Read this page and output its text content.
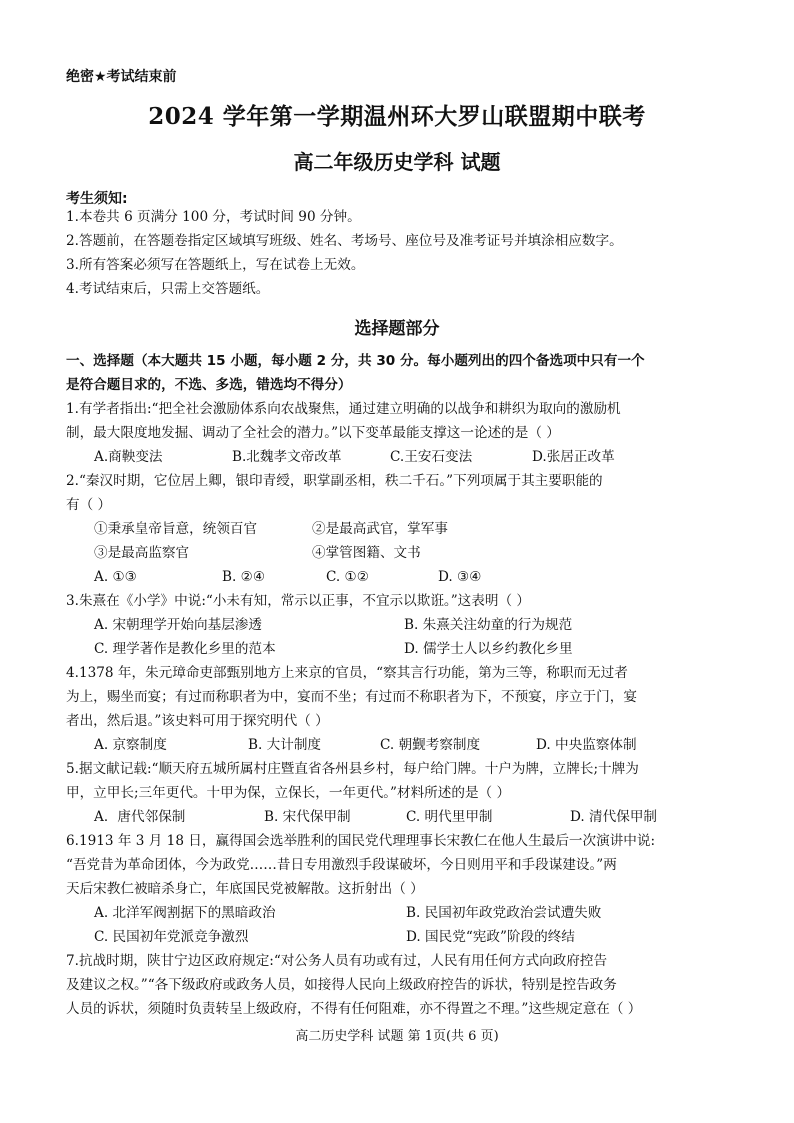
绝密★考试结束前
2024 学年第一学期温州环大罗山联盟期中联考
高二年级历史学科 试题
考生须知:
1.本卷共 6 页满分 100 分，考试时间 90 分钟。
2.答题前，在答题卷指定区域填写班级、姓名、考场号、座位号及准考证号并填涂相应数字。
3.所有答案必须写在答题纸上，写在试卷上无效。
4.考试结束后，只需上交答题纸。
选择题部分
一、选择题（本大题共 15 小题，每小题 2 分，共 30 分。每小题列出的四个备选项中只有一个
是符合题目求的，不选、多选，错选均不得分）
1.有学者指出:“把全社会激励体系向农战聚焦，通过建立明确的以战争和耕织为取向的激励机
制，最大限度地发掘、调动了全社会的潜力。”以下变革最能支撑这一论述的是（ ）
A.商鞅变法	B.北魏孝文帝改革	C.王安石变法	D.张居正改革
2.“秦汉时期，它位居上卿，银印青绶，职掌副丞相，秩二千石。”下列项属于其主要职能的
有（ ）
①秉承皇帝旨意，统领百官	②是最高武官，掌军事
③是最高监察官	④掌管图籍、文书
A. ①③	B. ②④	C. ①②	D. ③④
3.朱熹在《小学》中说:“小未有知，常示以正事，不宜示以欺诳。”这表明（ ）
A. 宋朝理学开始向基层渗透	B. 朱熹关注幼童的行为规范
C. 理学著作是教化乡里的范本	D. 儒学士人以乡约教化乡里
4.1378 年，朱元璋命吏部甄别地方上来京的官员，“察其言行功能，第为三等，称职而无过者
为上，赐坐而宴；有过而称职者为中，宴而不坐；有过而不称职者为下，不预宴，序立于门，宴
者出，然后退。”该史料可用于探究明代（ ）
A. 京察制度	B. 大计制度	C. 朝觐考察制度	D. 中央监察体制
5.据文献记载:“顺天府五城所属村庄暨直省各州县乡村，每户给门牌。十户为牌，立牌长;十牌为
甲，立甲长;三年更代。十甲为保，立保长，一年更代。”材料所述的是（ ）
A．唐代邻保制	B. 宋代保甲制	C. 明代里甲制	D. 清代保甲制
6.1913 年 3 月 18 日，赢得国会选举胜利的国民党代理理事长宋教仁在他人生最后一次演讲中说:
“吾党昔为革命团体，今为政党……昔日专用激烈手段谋破坏，今日则用平和手段谋建设。”两
天后宋教仁被暗杀身亡，年底国民党被解散。这折射出（ ）
A. 北洋军阀割据下的黑暗政治	B. 民国初年政党政治尝试遭失败
C. 民国初年党派竞争激烈	D. 国民党“宪政”阶段的终结
7.抗战时期，陕甘宁边区政府规定:“对公务人员有功或有过，人民有用任何方式向政府控告
及建议之权。”“各下级政府或政务人员，如接得人民向上级政府控告的诉状，特别是控告政务
人员的诉状，须随时负责转呈上级政府，不得有任何阻难，亦不得置之不理。”这些规定意在（ ）
高二历史学科 试题 第 1页(共 6 页)
